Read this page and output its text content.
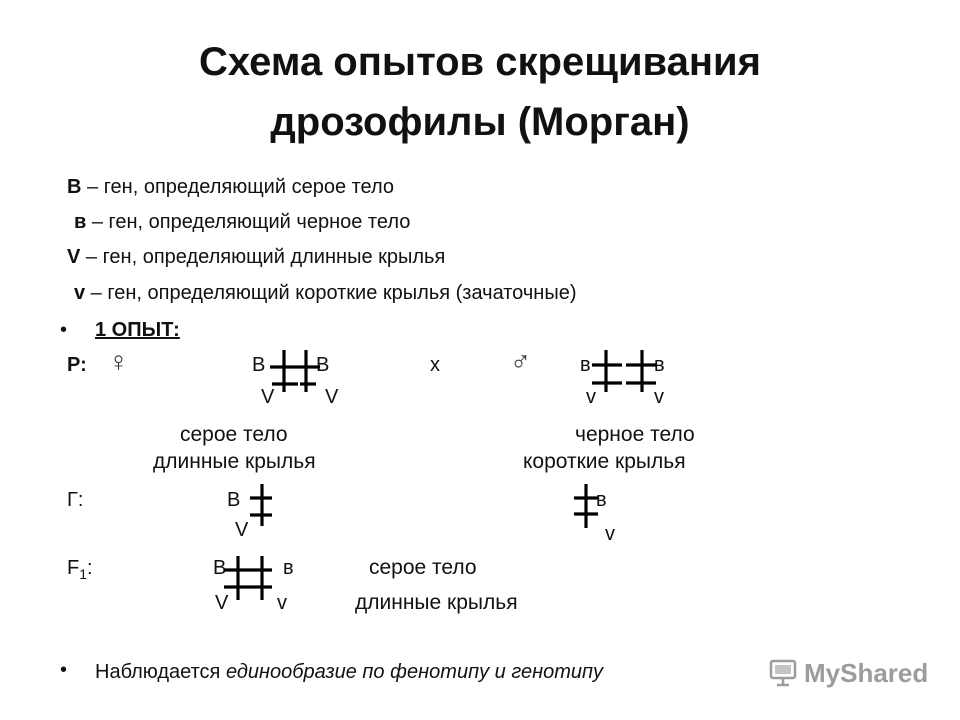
Схема опытов скрещивания
дрозофилы (Морган)
B – ген, определяющий серое тело
в – ген, определяющий черное тело
V – ген, определяющий длинные крылья
v – ген, определяющий короткие крылья (зачаточные)
• 1 ОПЫТ:
Р: ♀	B	B	х	♂ в	в
V	V	v	v
серое тело
длинные крылья
черное тело
короткие крылья
Г:	B
V
в
v
$F_1$:	B	в
V v
серое тело
длинные крылья
• Наблюдается единообразие по фенотипу и генотипу	MyShared
